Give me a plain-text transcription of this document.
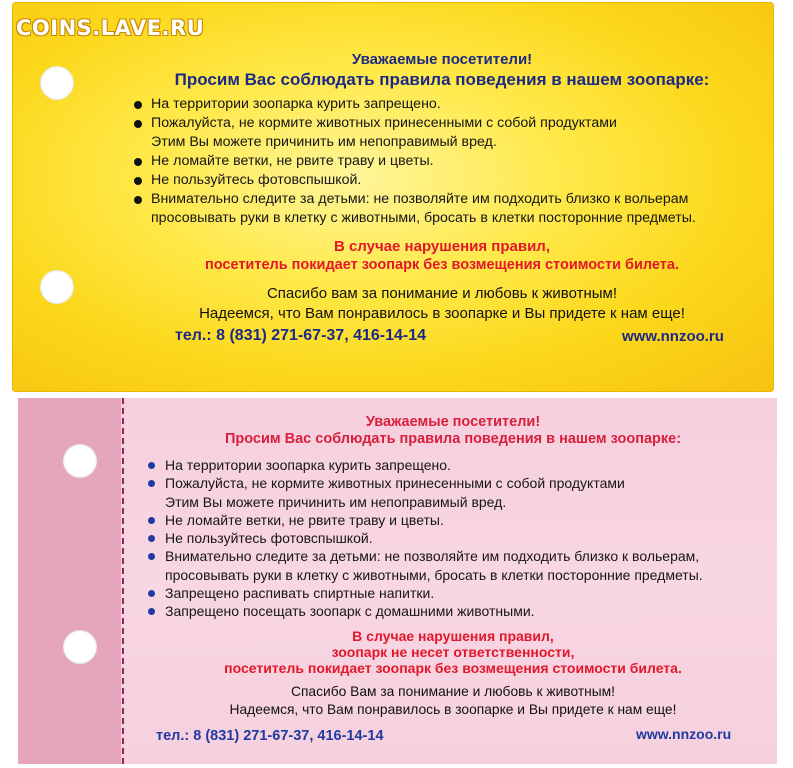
COINS.LAVE.RU
Уважаемые посетители!
Просим Вас соблюдать правила поведения в нашем зоопарке:
На территории зоопарка курить запрещено.
Пожалуйста, не кормите животных принесенными с собой продуктами
Этим Вы можете причинить им непоправимый вред.
Не ломайте ветки, не рвите траву и цветы.
Не пользуйтесь фотовспышкой.
Внимательно следите за детьми: не позволяйте им подходить близко к вольерам
просовывать руки в клетку с животными, бросать в клетки посторонние предметы.
В случае нарушения правил,
посетитель покидает зоопарк без возмещения стоимости билета.
Спасибо вам за понимание и любовь к животным!
Надеемся, что Вам понравилось в зоопарке и Вы придете к нам еще!
тел.: 8 (831) 271-67-37, 416-14-14	www.nnzoo.ru
Уважаемые посетители!
Просим Вас соблюдать правила поведения в нашем зоопарке:
На территории зоопарка курить запрещено.
Пожалуйста, не кормите животных принесенными с собой продуктами
Этим Вы можете причинить им непоправимый вред.
Не ломайте ветки, не рвите траву и цветы.
Не пользуйтесь фотовспышкой.
Внимательно следите за детьми: не позволяйте им подходить близко к вольерам,
просовывать руки в клетку с животными, бросать в клетки посторонние предметы.
Запрещено распивать спиртные напитки.
Запрещено посещать зоопарк с домашними животными.
В случае нарушения правил,
зоопарк не несет ответственности,
посетитель покидает зоопарк без возмещения стоимости билета.
Спасибо Вам за понимание и любовь к животным!
Надеемся, что Вам понравилось в зоопарке и Вы придете к нам еще!
тел.: 8 (831) 271-67-37, 416-14-14	www.nnzoo.ru
